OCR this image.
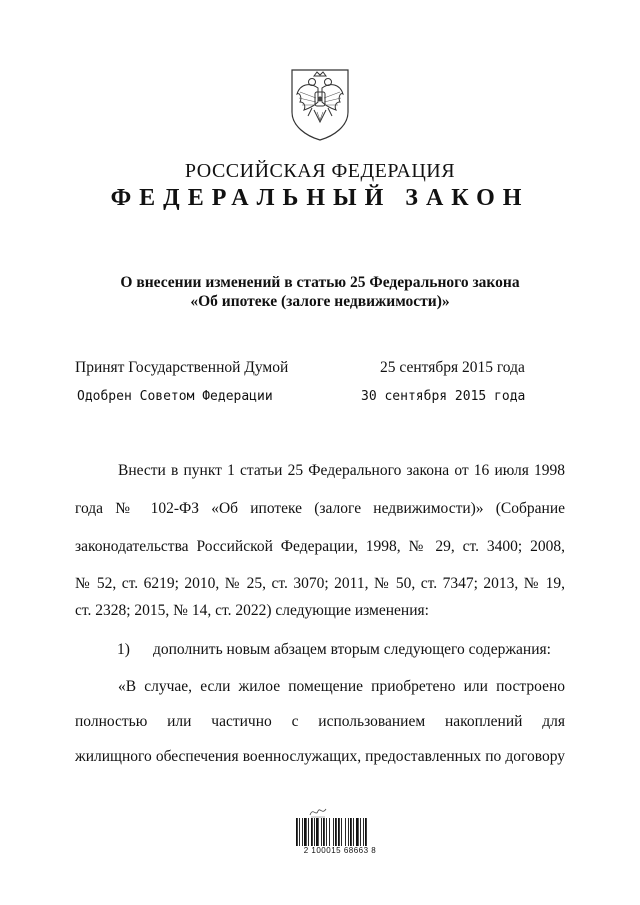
РОССИЙСКАЯ ФЕДЕРАЦИЯ
ФЕДЕРАЛЬНЫЙ ЗАКОН
О внесении изменений в статью 25 Федерального закона
«Об ипотеке (залоге недвижимости)»
Принят Государственной Думой	25 сентября 2015 года
Одобрен Советом Федерации	30 сентября 2015 года
Внести в пункт 1 статьи 25 Федерального закона от 16 июля 1998
года № 102-ФЗ «Об ипотеке (залоге недвижимости)» (Собрание
законодательства Российской Федерации, 1998, № 29, ст. 3400; 2008,
№ 52, ст. 6219; 2010, № 25, ст. 3070; 2011, № 50, ст. 7347; 2013, № 19,
ст. 2328; 2015, № 14, ст. 2022) следующие изменения:
1) дополнить новым абзацем вторым следующего содержания:
«В случае, если жилое помещение приобретено или построено
полностью или частично с использованием накоплений для
жилищного обеспечения военнослужащих, предоставленных по договору
2 100015 68663 8
